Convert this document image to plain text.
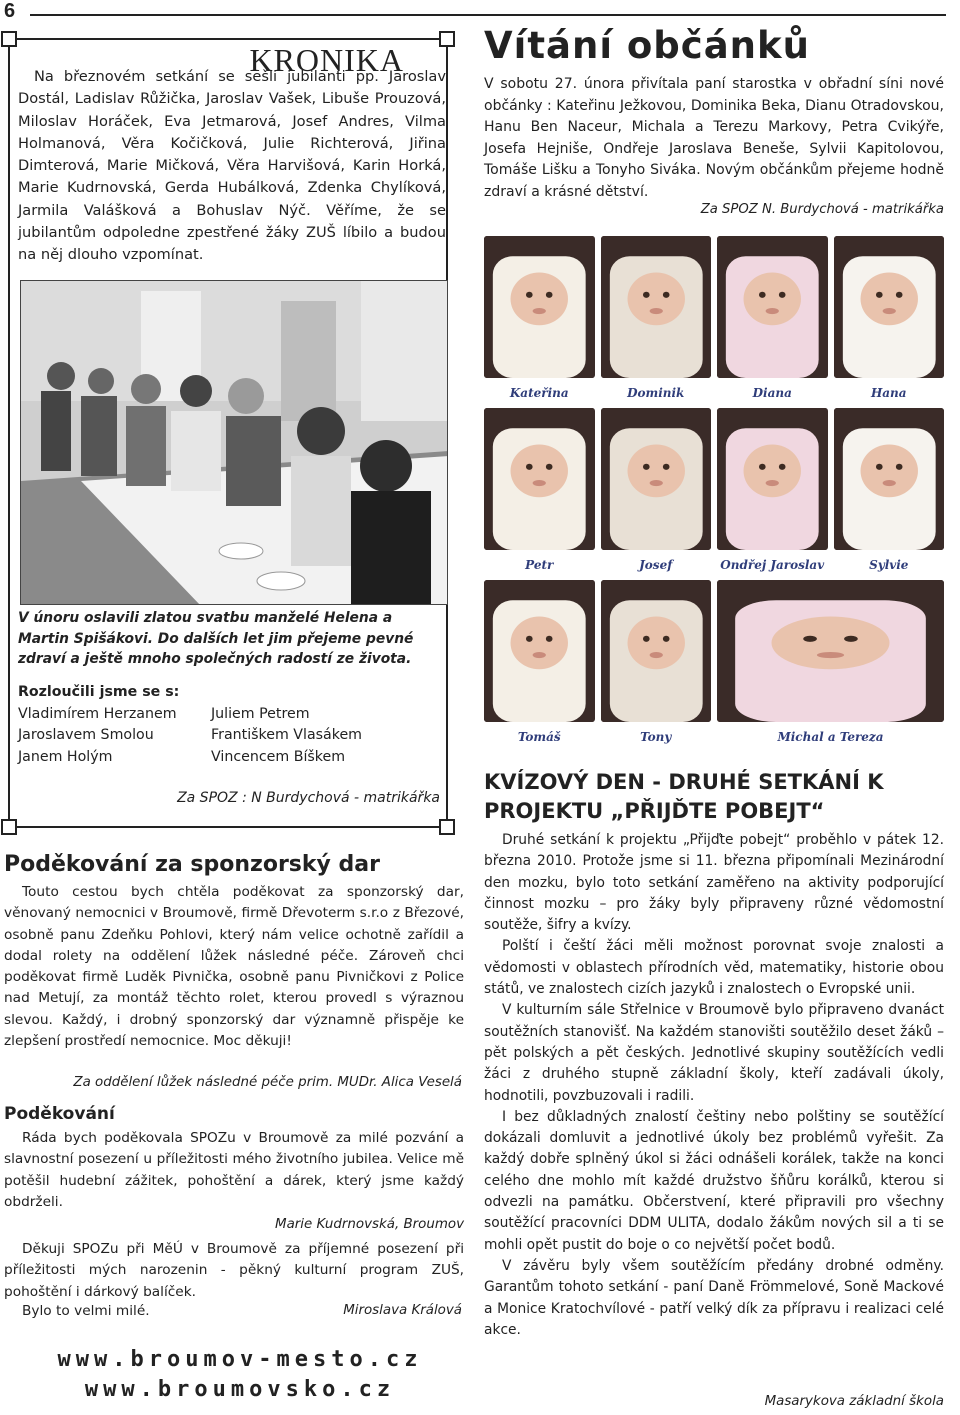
6
KRONIKA

Na březnovém setkání se sešli jubilanti pp. Jaroslav Dostál, Ladislav Růžička, Jaroslav Vašek, Libuše Prouzová, Miloslav Horáček, Eva Jetmarová, Josef Andres, Vilma Holmanová, Věra Kočičková, Julie Richterová, Jiřina Dimterová, Marie Mičková, Věra Harvišová, Karin Horká, Marie Kudrnovská, Gerda Hubálková, Zdenka Chylíková, Jarmila Valášková a Bohuslav Nýč. Věříme, že se jubilantům odpoledne zpestřené žáky ZUŠ líbilo a budou na něj dlouho vzpomínat.

V únoru oslavili zlatou svatbu manželé Helena a Martin Spišákovi. Do dalších let jim přejeme pevné zdraví a ještě mnoho společných radostí ze života.

Rozloučili jsme se s:
Vladimírem Herzanem	Juliem Petrem
Jaroslavem Smolou	Františkem Vlasákem
Janem Holým	Vincencem Bíškem
Za SPOZ : N Burdychová - matrikářka
Poděkování za sponzorský dar

Touto cestou bych chtěla poděkovat za sponzorský dar, věnovaný nemocnici v Broumově, firmě Dřevoterm s.r.o z Březové, osobně panu Zdeňku Pohlovi, který nám velice ochotně zařídil a dodal rolety na oddělení lůžek následné péče. Zároveň chci poděkovat firmě Luděk Pivnička, osobně panu Pivničkovi z Police nad Metují, za montáž těchto rolet, kterou provedl s výraznou slevou. Každý, i drobný sponzorský dar významně přispěje ke zlepšení prostředí nemocnice. Moc děkuji!

Za oddělení lůžek následné péče prim. MUDr. Alica Veselá
Poděkování

Ráda bych poděkovala SPOZu v Broumově za milé pozvání a slavnostní posezení u příležitosti mého životního jubilea. Velice mě potěšil hudební zážitek, pohoštění a dárek, který jsme každý obdrželi.

Marie Kudrnovská, Broumov

Děkuji SPOZu při MěÚ v Broumově za příjemné posezení při příležitosti mých narozenin - pěkný kulturní program ZUŠ, pohoštění i dárkový balíček.

Bylo to velmi milé.	Miroslava Králová
www.broumov-mesto.cz
www.broumovsko.cz
Vítání občánků

V sobotu 27. února přivítala paní starostka v obřadní síni nové občánky : Kateřinu Ježkovou, Dominika Beka, Dianu Otradovskou, Hanu Ben Naceur, Michala a Terezu Markovy, Petra Cvikýře, Josefa Hejniše, Ondřeje Jaroslava Beneše, Sylvii Kapitolovou, Tomáše Lišku a Tonyho Siváka. Novým občánkům přejeme hodně zdraví a krásné dětství.

Za SPOZ N. Burdychová - matrikářka
Kateřina	Dominik	Diana	Hana
Petr	Josef	Ondřej Jaroslav	Sylvie
Tomáš	Tony	Michal a Tereza
KVÍZOVÝ DEN - DRUHÉ SETKÁNÍ K PROJEKTU „PŘIJĎTE POBEJT“

Druhé setkání k projektu „Přijďte pobejt“ proběhlo v pátek 12. března 2010. Protože jsme si 11. března připomínali Mezinárodní den mozku, bylo toto setkání zaměřeno na aktivity podporující činnost mozku – pro žáky byly připraveny různé vědomostní soutěže, šifry a kvízy.

Polští i čeští žáci měli možnost porovnat svoje znalosti a vědomosti v oblastech přírodních věd, matematiky, historie obou států, ve znalostech cizích jazyků i znalostech o Evropské unii.

V kulturním sále Střelnice v Broumově bylo připraveno dvanáct soutěžních stanovišť. Na každém stanovišti soutěžilo deset žáků – pět polských a pět českých. Jednotlivé skupiny soutěžících vedli žáci z druhého stupně základní školy, kteří zadávali úkoly, hodnotili, povzbuzovali i radili.

I bez důkladných znalostí češtiny nebo polštiny se soutěžící dokázali domluvit a jednotlivé úkoly bez problémů vyřešit. Za každý dobře splněný úkol si žáci odnášeli korálek, takže na konci celého dne mohlo mít každé družstvo šňůru korálků, kterou si odvezli na památku. Občerstvení, které připravili pro všechny soutěžící pracovníci DDM ULITA, dodalo žákům nových sil a ti se mohli opět pustit do boje o co největší počet bodů.

V závěru byly všem soutěžícím předány drobné odměny. Garantům tohoto setkání - paní Daně Frömmelové, Soně Mackové a Monice Kratochvílové - patří velký dík za přípravu i realizaci celé akce.

Masarykova základní škola
